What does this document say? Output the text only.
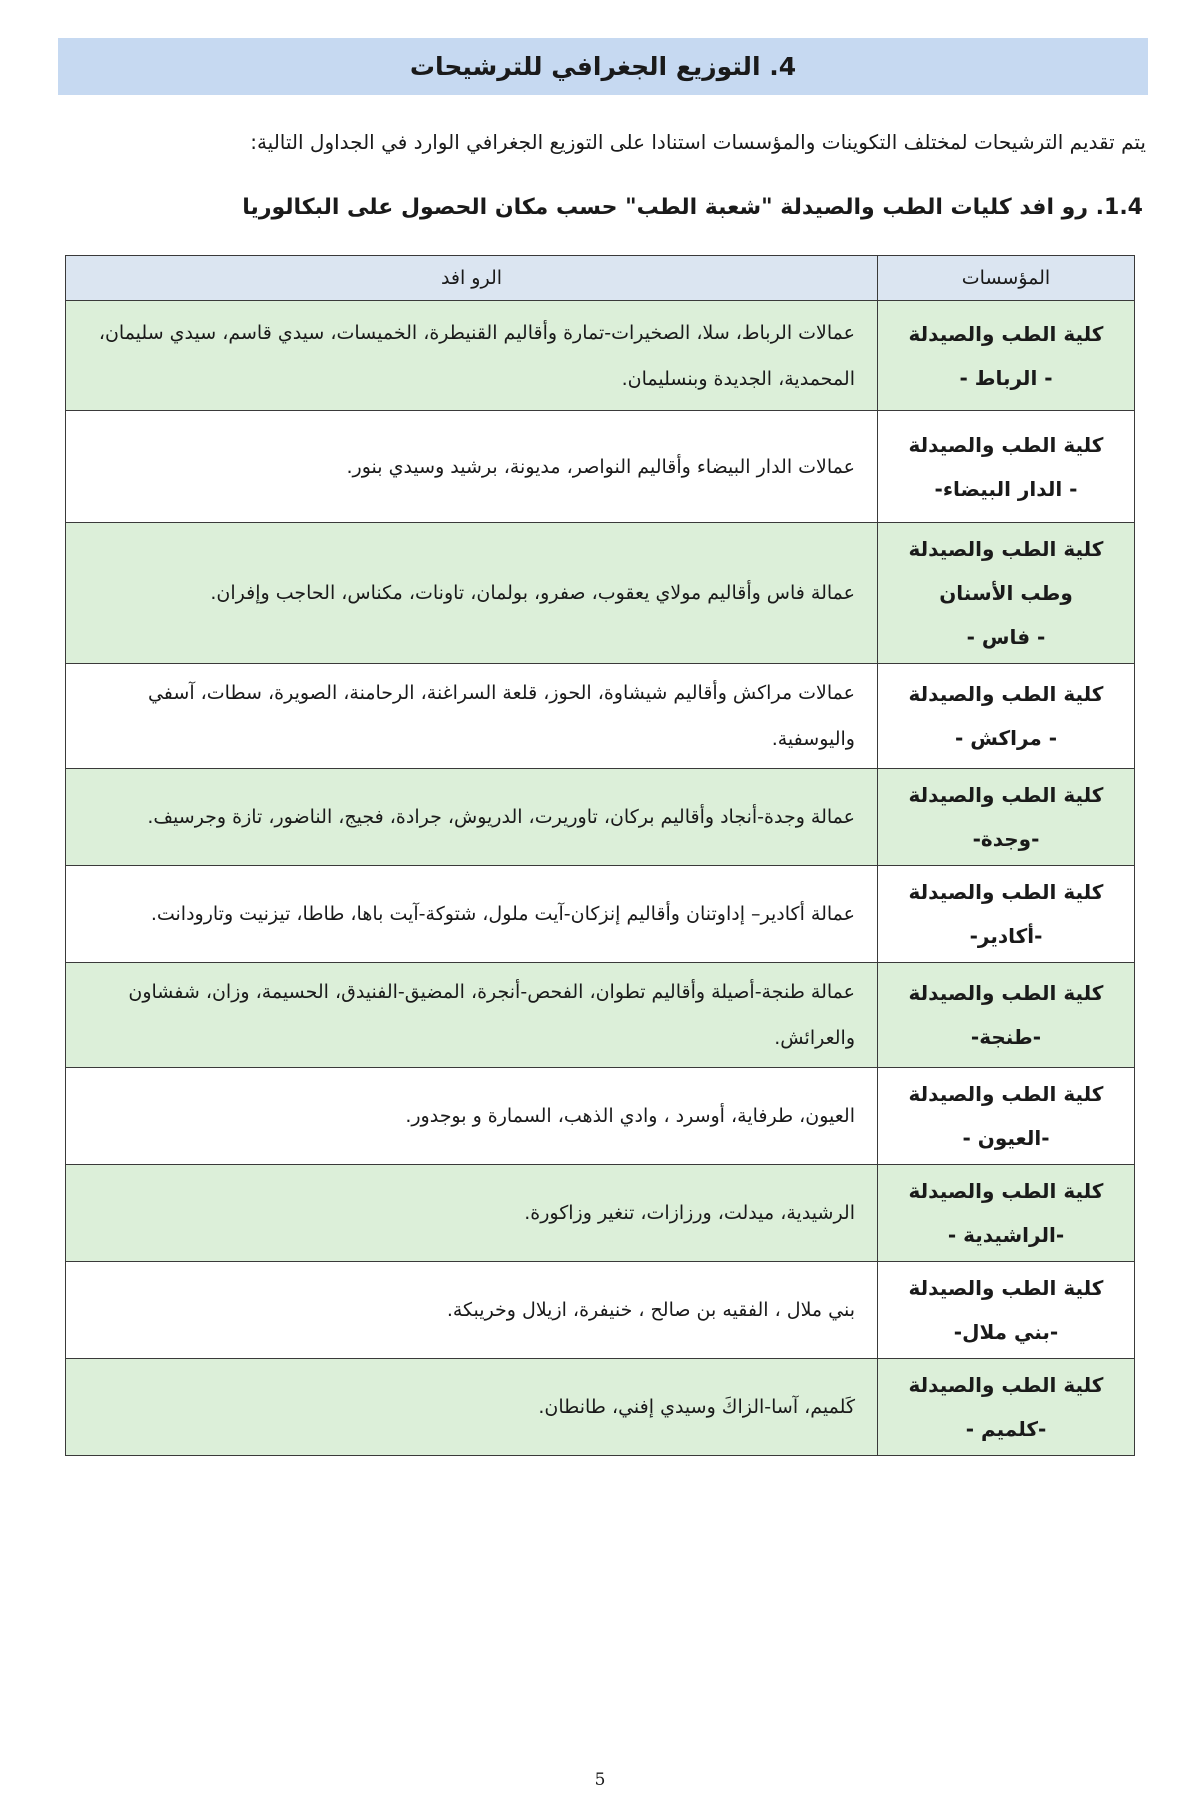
4. التوزيع الجغرافي للترشيحات
يتم تقديم الترشيحات لمختلف التكوينات والمؤسسات استنادا على التوزيع الجغرافي الوارد في الجداول التالية:
1.4. رو افد كليات الطب والصيدلة "شعبة الطب" حسب مكان الحصول على البكالوريا
المؤسسات	الرو افد

كلية الطب والصيدلة
- الرباط -	عمالات الرباط، سلا، الصخيرات-تمارة وأقاليم القنيطرة، الخميسات، سيدي قاسم، سيدي سليمان، المحمدية، الجديدة وبنسليمان.

كلية الطب والصيدلة
- الدار البيضاء-	عمالات الدار البيضاء وأقاليم النواصر، مديونة، برشيد وسيدي بنور.

كلية الطب والصيدلة
وطب الأسنان
- فاس -	عمالة فاس وأقاليم مولاي يعقوب، صفرو، بولمان، تاونات، مكناس، الحاجب وإفران.

كلية الطب والصيدلة
- مراكش -	عمالات مراكش وأقاليم شيشاوة، الحوز، قلعة السراغنة، الرحامنة، الصويرة، سطات، آسفي واليوسفية.

كلية الطب والصيدلة
-وجدة-	عمالة وجدة-أنجاد وأقاليم بركان، تاوريرت، الدريوش، جرادة، فجيج، الناضور، تازة وجرسيف.

كلية الطب والصيدلة
-أكادير-	عمالة أكادير– إداوتنان وأقاليم إنزكان-آيت ملول، شتوكة-آيت باها، طاطا، تيزنيت وتارودانت.

كلية الطب والصيدلة
-طنجة-	عمالة طنجة-أصيلة وأقاليم تطوان، الفحص-أنجرة، المضيق-الفنيدق، الحسيمة، وزان، شفشاون والعرائش.

كلية الطب والصيدلة
-العيون -	العيون، طرفاية، أوسرد ، وادي الذهب، السمارة و بوجدور.

كلية الطب والصيدلة
-الراشيدية -	الرشيدية، ميدلت، ورزازات، تنغير وزاكورة.

كلية الطب والصيدلة
-بني ملال-	بني ملال ، الفقيه بن صالح ، خنيفرة، ازيلال وخريبكة.

كلية الطب والصيدلة
-كلميم -	كَلميم، آسا-الزاكَ وسيدي إفني، طانطان.
5
